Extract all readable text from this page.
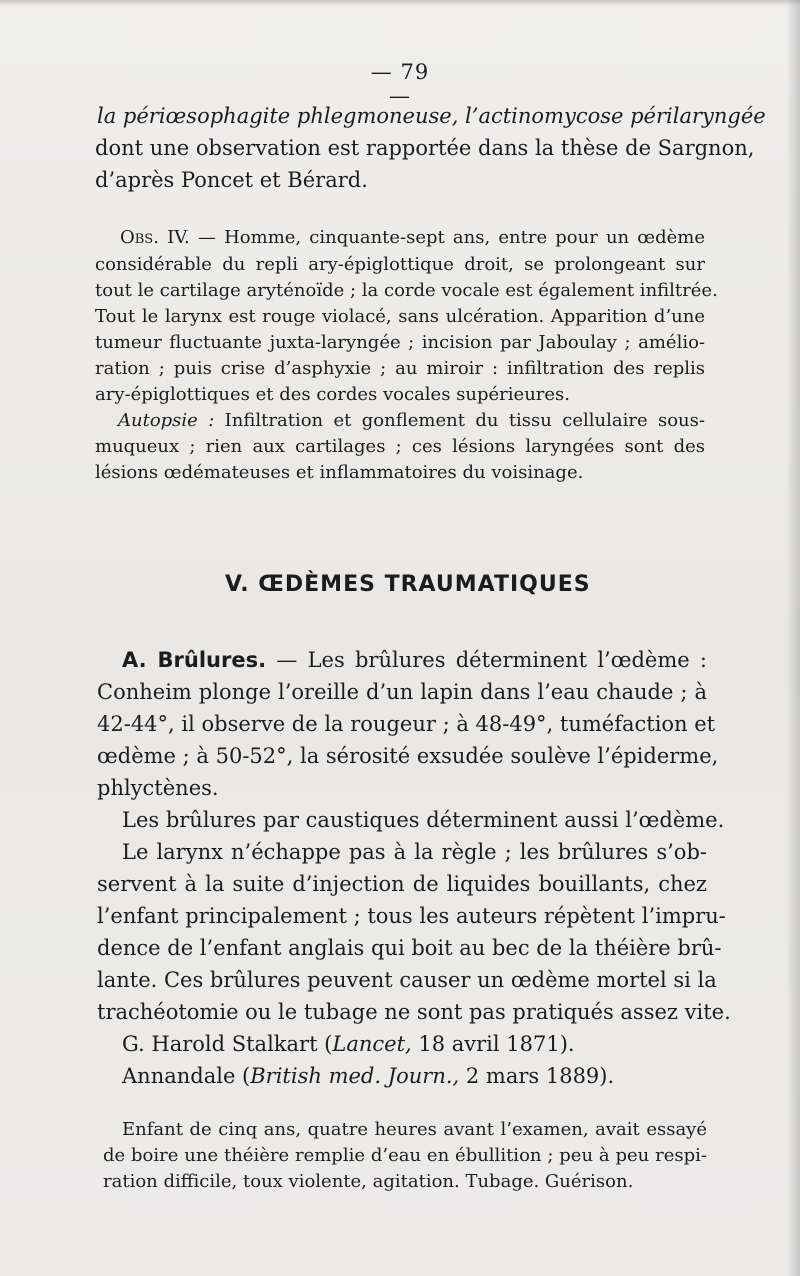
— 79 —
la périœsophagite phlegmoneuse, l’actinomycose périlaryngée
dont une observation est rapportée dans la thèse de Sargnon,
d’après Poncet et Bérard.
Obs. IV. — Homme, cinquante-sept ans, entre pour un œdème
considérable du repli ary-épiglottique droit, se prolongeant sur
tout le cartilage aryténoïde ; la corde vocale est également infiltrée.
Tout le larynx est rouge violacé, sans ulcération. Apparition d’une
tumeur fluctuante juxta-laryngée ; incision par Jaboulay ; amélio-
ration ; puis crise d’asphyxie ; au miroir : infiltration des replis
ary-épiglottiques et des cordes vocales supérieures.
Autopsie : Infiltration et gonflement du tissu cellulaire sous-
muqueux ; rien aux cartilages ; ces lésions laryngées sont des
lésions œdémateuses et inflammatoires du voisinage.
V. ŒDÈMES TRAUMATIQUES
A. Brûlures. — Les brûlures déterminent l’œdème :
Conheim plonge l’oreille d’un lapin dans l’eau chaude ; à
42-44°, il observe de la rougeur ; à 48-49°, tuméfaction et
œdème ; à 50-52°, la sérosité exsudée soulève l’épiderme,
phlyctènes.
Les brûlures par caustiques déterminent aussi l’œdème.
Le larynx n’échappe pas à la règle ; les brûlures s’ob-
servent à la suite d’injection de liquides bouillants, chez
l’enfant principalement ; tous les auteurs répètent l’impru-
dence de l’enfant anglais qui boit au bec de la théière brû-
lante. Ces brûlures peuvent causer un œdème mortel si la
trachéotomie ou le tubage ne sont pas pratiqués assez vite.
G. Harold Stalkart (Lancet, 18 avril 1871).
Annandale (British med. Journ., 2 mars 1889).
Enfant de cinq ans, quatre heures avant l’examen, avait essayé
de boire une théière remplie d’eau en ébullition ; peu à peu respi-
ration difficile, toux violente, agitation. Tubage. Guérison.
